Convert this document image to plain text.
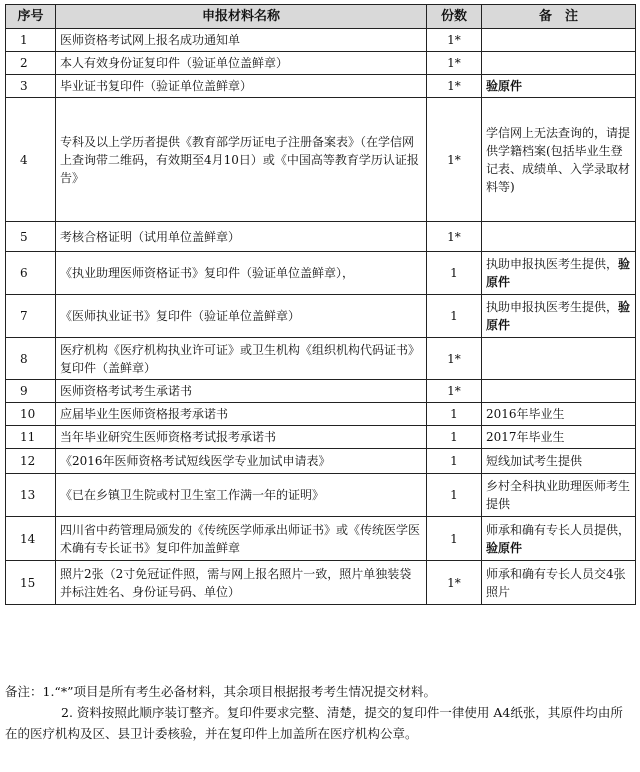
序号	申报材料名称	份数	备　注
1	医师资格考试网上报名成功通知单	1*	
2	本人有效身份证复印件（验证单位盖鲜章）	1*	
3	毕业证书复印件（验证单位盖鲜章）	1*	验原件
4	专科及以上学历者提供《教育部学历证电子注册备案表》（在学信网上查询带二维码，有效期至4月10日）或《中国高等教育学历认证报告》	1*	学信网上无法查询的，请提供学籍档案(包括毕业生登记表、成绩单、入学录取材料等)
5	考核合格证明（试用单位盖鲜章）	1*	
6	《执业助理医师资格证书》复印件（验证单位盖鲜章），	1	执助申报执医考生提供，验原件
7	《医师执业证书》复印件（验证单位盖鲜章）	1	执助申报执医考生提供，验原件
8	医疗机构《医疗机构执业许可证》或卫生机构《组织机构代码证书》复印件（盖鲜章）	1*	
9	医师资格考试考生承诺书	1*	
10	应届毕业生医师资格报考承诺书	1	2016年毕业生
11	当年毕业研究生医师资格考试报考承诺书	1	2017年毕业生
12	《2016年医师资格考试短线医学专业加试申请表》	1	短线加试考生提供
13	《已在乡镇卫生院或村卫生室工作满一年的证明》	1	乡村全科执业助理医师考生提供
14	四川省中药管理局颁发的《传统医学师承出师证书》或《传统医学医术确有专长证书》复印件加盖鲜章	1	师承和确有专长人员提供，验原件
15	照片2张（2寸免冠证件照，需与网上报名照片一致，照片单独装袋并标注姓名、身份证号码、单位）	1*	师承和确有专长人员交4张照片

备注：1.“*”项目是所有考生必备材料，其余项目根据报考考生情况提交材料。

2. 资料按照此顺序装订整齐。复印件要求完整、清楚，提交的复印件一律使用 A4纸张，其原件均由所在的医疗机构及区、县卫计委核验，并在复印件上加盖所在医疗机构公章。
